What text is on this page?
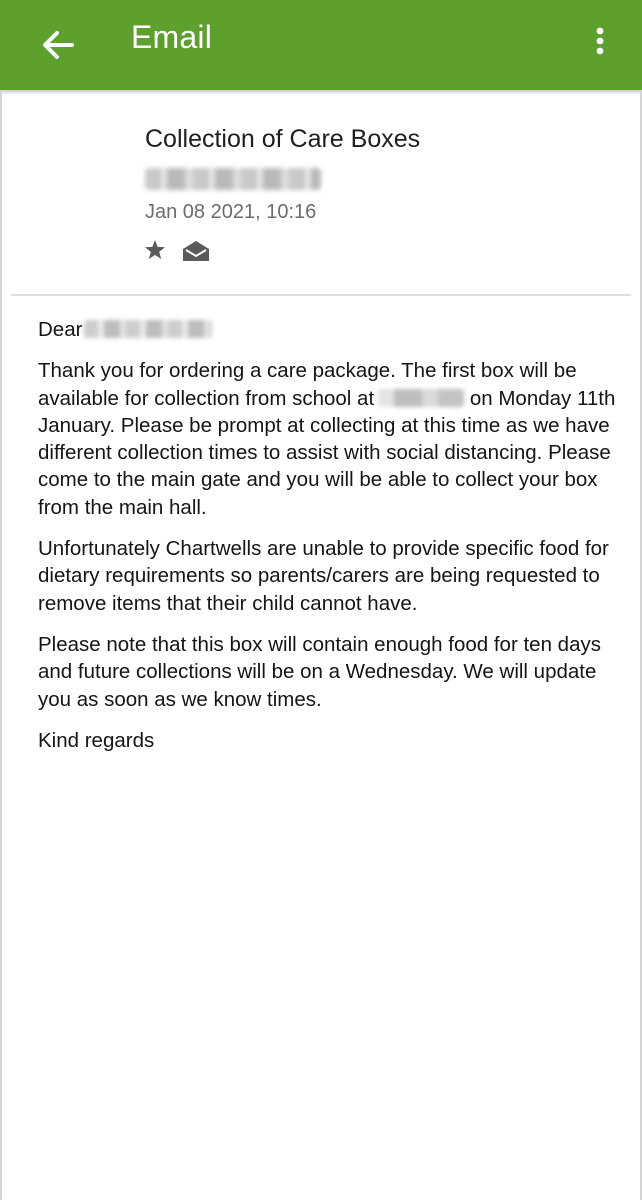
Email
Collection of Care Boxes
Jan 08 2021, 10:16

Dear

Thank you for ordering a care package. The first box will be available for collection from school at	on Monday 11th January. Please be prompt at collecting at this time as we have different collection times to assist with social distancing. Please come to the main gate and you will be able to collect your box from the main hall.

Unfortunately Chartwells are unable to provide specific food for dietary requirements so parents/carers are being requested to remove items that their child cannot have.

Please note that this box will contain enough food for ten days and future collections will be on a Wednesday. We will update you as soon as we know times.

Kind regards
